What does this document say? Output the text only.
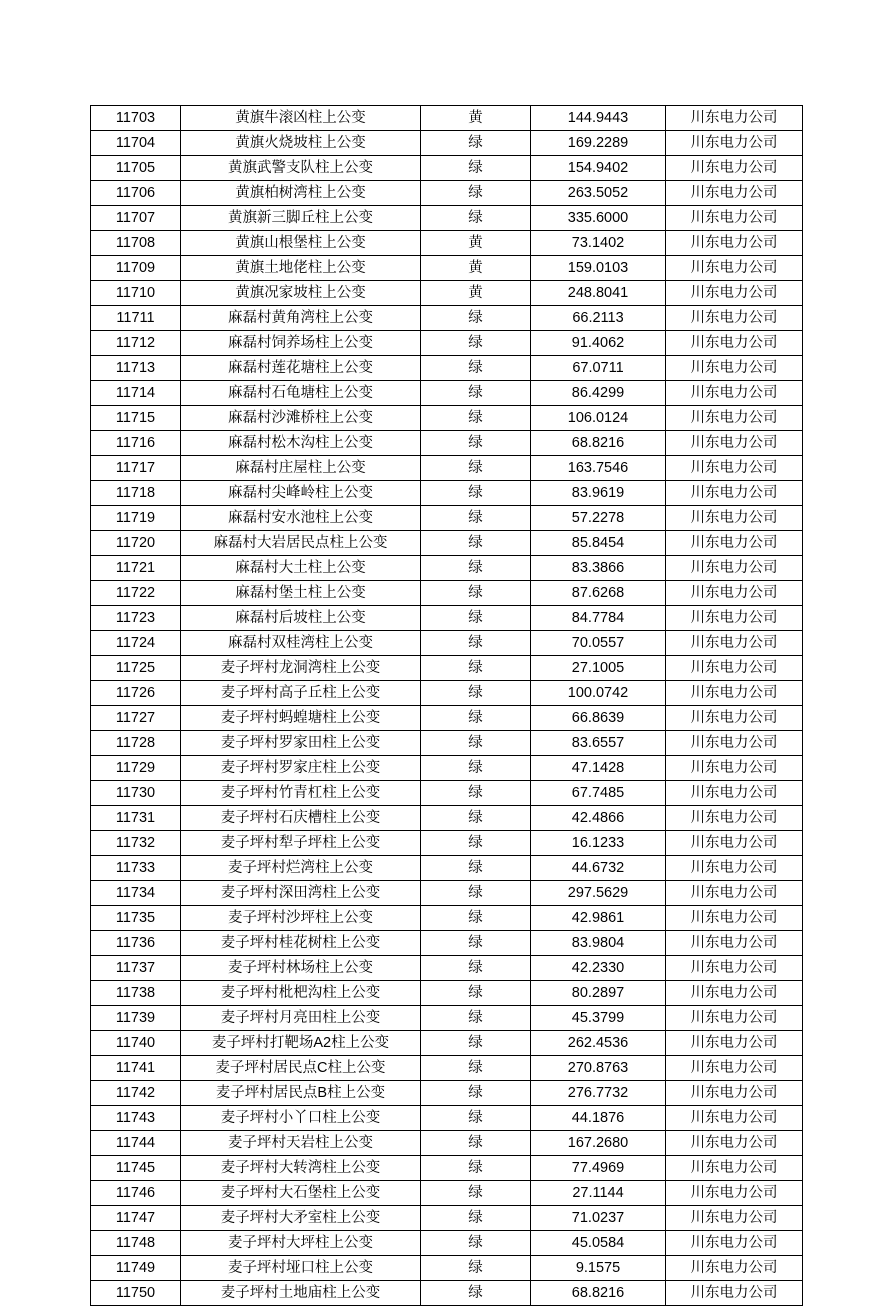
11703	黄旗牛滚凶柱上公变	黄	144.9443	川东电力公司
11704	黄旗火烧坡柱上公变	绿	169.2289	川东电力公司
11705	黄旗武警支队柱上公变	绿	154.9402	川东电力公司
11706	黄旗柏树湾柱上公变	绿	263.5052	川东电力公司
11707	黄旗新三脚丘柱上公变	绿	335.6000	川东电力公司
11708	黄旗山根堡柱上公变	黄	73.1402	川东电力公司
11709	黄旗土地佬柱上公变	黄	159.0103	川东电力公司
11710	黄旗况家坡柱上公变	黄	248.8041	川东电力公司
11711	麻磊村黄角湾柱上公变	绿	66.2113	川东电力公司
11712	麻磊村饲养场柱上公变	绿	91.4062	川东电力公司
11713	麻磊村莲花塘柱上公变	绿	67.0711	川东电力公司
11714	麻磊村石龟塘柱上公变	绿	86.4299	川东电力公司
11715	麻磊村沙滩桥柱上公变	绿	106.0124	川东电力公司
11716	麻磊村松木沟柱上公变	绿	68.8216	川东电力公司
11717	麻磊村庄屋柱上公变	绿	163.7546	川东电力公司
11718	麻磊村尖峰岭柱上公变	绿	83.9619	川东电力公司
11719	麻磊村安水池柱上公变	绿	57.2278	川东电力公司
11720	麻磊村大岩居民点柱上公变	绿	85.8454	川东电力公司
11721	麻磊村大土柱上公变	绿	83.3866	川东电力公司
11722	麻磊村堡土柱上公变	绿	87.6268	川东电力公司
11723	麻磊村后坡柱上公变	绿	84.7784	川东电力公司
11724	麻磊村双桂湾柱上公变	绿	70.0557	川东电力公司
11725	麦子坪村龙洞湾柱上公变	绿	27.1005	川东电力公司
11726	麦子坪村高子丘柱上公变	绿	100.0742	川东电力公司
11727	麦子坪村蚂蝗塘柱上公变	绿	66.8639	川东电力公司
11728	麦子坪村罗家田柱上公变	绿	83.6557	川东电力公司
11729	麦子坪村罗家庄柱上公变	绿	47.1428	川东电力公司
11730	麦子坪村竹青杠柱上公变	绿	67.7485	川东电力公司
11731	麦子坪村石庆槽柱上公变	绿	42.4866	川东电力公司
11732	麦子坪村犁子坪柱上公变	绿	16.1233	川东电力公司
11733	麦子坪村烂湾柱上公变	绿	44.6732	川东电力公司
11734	麦子坪村深田湾柱上公变	绿	297.5629	川东电力公司
11735	麦子坪村沙坪柱上公变	绿	42.9861	川东电力公司
11736	麦子坪村桂花树柱上公变	绿	83.9804	川东电力公司
11737	麦子坪村林场柱上公变	绿	42.2330	川东电力公司
11738	麦子坪村枇杷沟柱上公变	绿	80.2897	川东电力公司
11739	麦子坪村月亮田柱上公变	绿	45.3799	川东电力公司
11740	麦子坪村打靶场A2柱上公变	绿	262.4536	川东电力公司
11741	麦子坪村居民点C柱上公变	绿	270.8763	川东电力公司
11742	麦子坪村居民点B柱上公变	绿	276.7732	川东电力公司
11743	麦子坪村小丫口柱上公变	绿	44.1876	川东电力公司
11744	麦子坪村天岩柱上公变	绿	167.2680	川东电力公司
11745	麦子坪村大转湾柱上公变	绿	77.4969	川东电力公司
11746	麦子坪村大石堡柱上公变	绿	27.1144	川东电力公司
11747	麦子坪村大矛室柱上公变	绿	71.0237	川东电力公司
11748	麦子坪村大坪柱上公变	绿	45.0584	川东电力公司
11749	麦子坪村垭口柱上公变	绿	9.1575	川东电力公司
11750	麦子坪村土地庙柱上公变	绿	68.8216	川东电力公司
